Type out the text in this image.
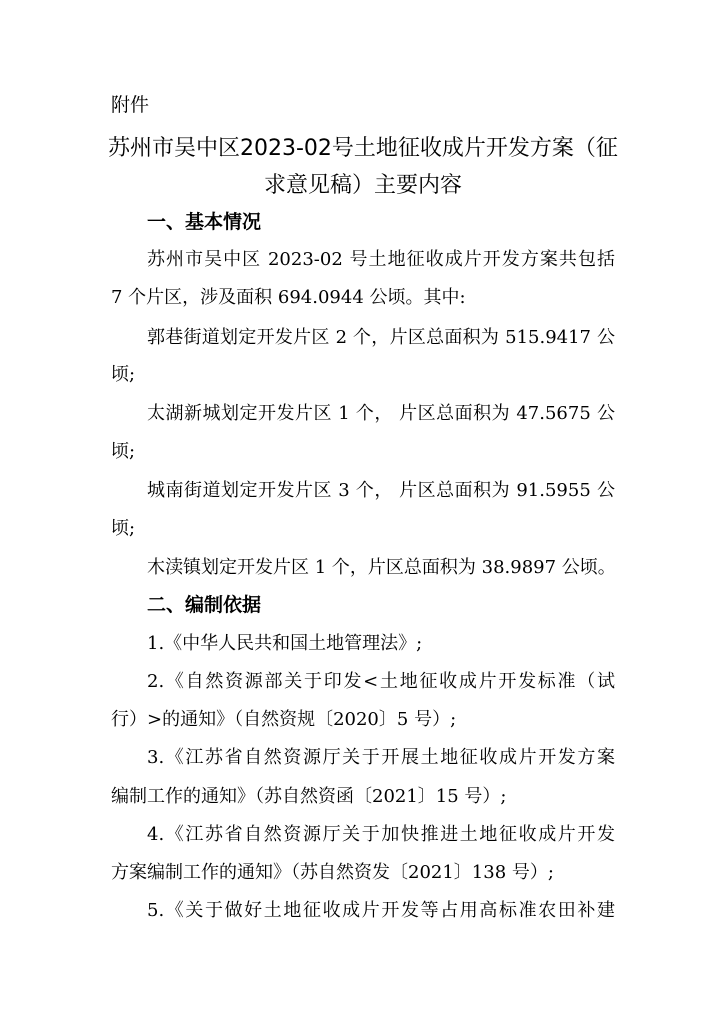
附件
苏州市吴中区2023-02号土地征收成片开发方案（征
求意见稿）主要内容
一、基本情况
苏州市吴中区 2023-02 号土地征收成片开发方案共包括
7 个片区，涉及面积 694.0944 公顷。其中:
郭巷街道划定开发片区 2 个，片区总面积为 515.9417 公
顷;
太湖新城划定开发片区 1 个， 片区总面积为 47.5675 公
顷;
城南街道划定开发片区 3 个， 片区总面积为 91.5955 公
顷;
木渎镇划定开发片区 1 个，片区总面积为 38.9897 公顷。
二、编制依据
1.《中华人民共和国土地管理法》;
2.《自然资源部关于印发<土地征收成片开发标准（试
行）>的通知》（自然资规〔2020〕5 号）;
3.《江苏省自然资源厅关于开展土地征收成片开发方案
编制工作的通知》（苏自然资函〔2021〕15 号）;
4.《江苏省自然资源厅关于加快推进土地征收成片开发
方案编制工作的通知》（苏自然资发〔2021〕138 号）;
5.《关于做好土地征收成片开发等占用高标准农田补建
